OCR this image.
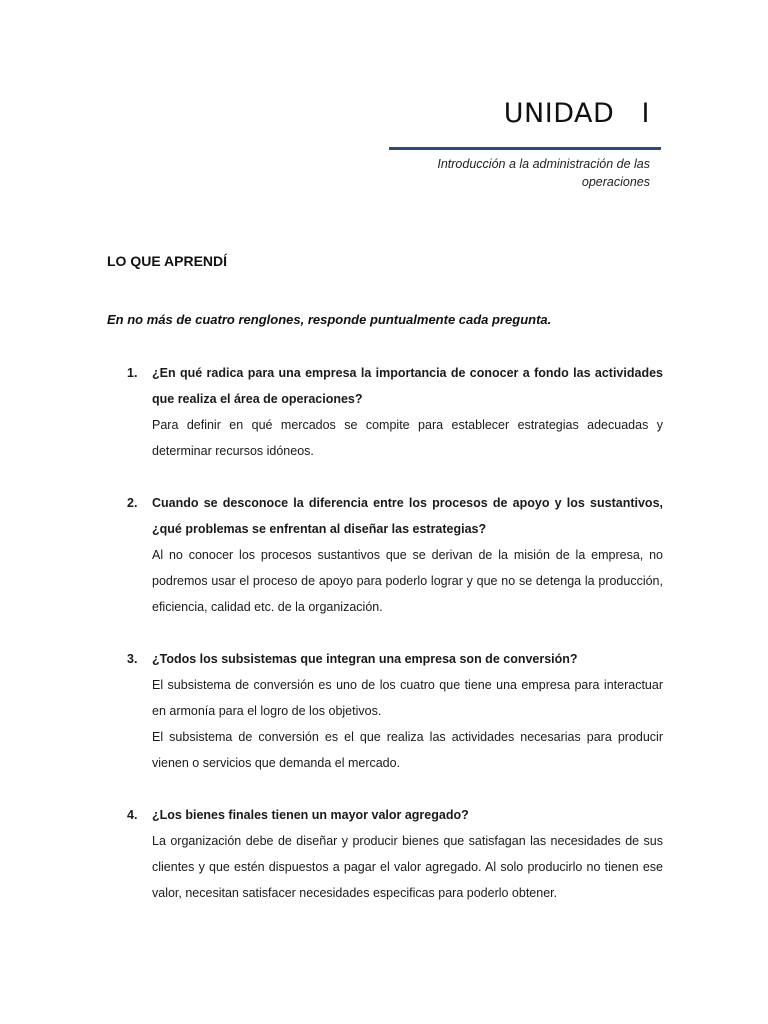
UNIDAD   I
Introducción a la administración de las operaciones
LO QUE APRENDÍ
En no más de cuatro renglones, responde puntualmente cada pregunta.
1. ¿En qué radica para una empresa la importancia de conocer a fondo las actividades que realiza el área de operaciones?

Para definir en qué mercados se compite para establecer estrategias adecuadas y determinar recursos idóneos.

2. Cuando se desconoce la diferencia entre los procesos de apoyo y los sustantivos, ¿qué problemas se enfrentan al diseñar las estrategias?

Al no conocer los procesos sustantivos que se derivan de la misión de la empresa, no podremos usar el proceso de apoyo para poderlo lograr y que no se detenga la producción, eficiencia, calidad etc. de la organización.

3. ¿Todos los subsistemas que integran una empresa son de conversión?

El subsistema de conversión es uno de los cuatro que tiene una empresa para interactuar en armonía para el logro de los objetivos.

El subsistema de conversión es el que realiza las actividades necesarias para producir vienen o servicios que demanda el mercado.

4. ¿Los bienes finales tienen un mayor valor agregado?

La organización debe de diseñar y producir bienes que satisfagan las necesidades de sus clientes y que estén dispuestos a pagar el valor agregado. Al solo producirlo no tienen ese valor, necesitan satisfacer necesidades especificas para poderlo obtener.
